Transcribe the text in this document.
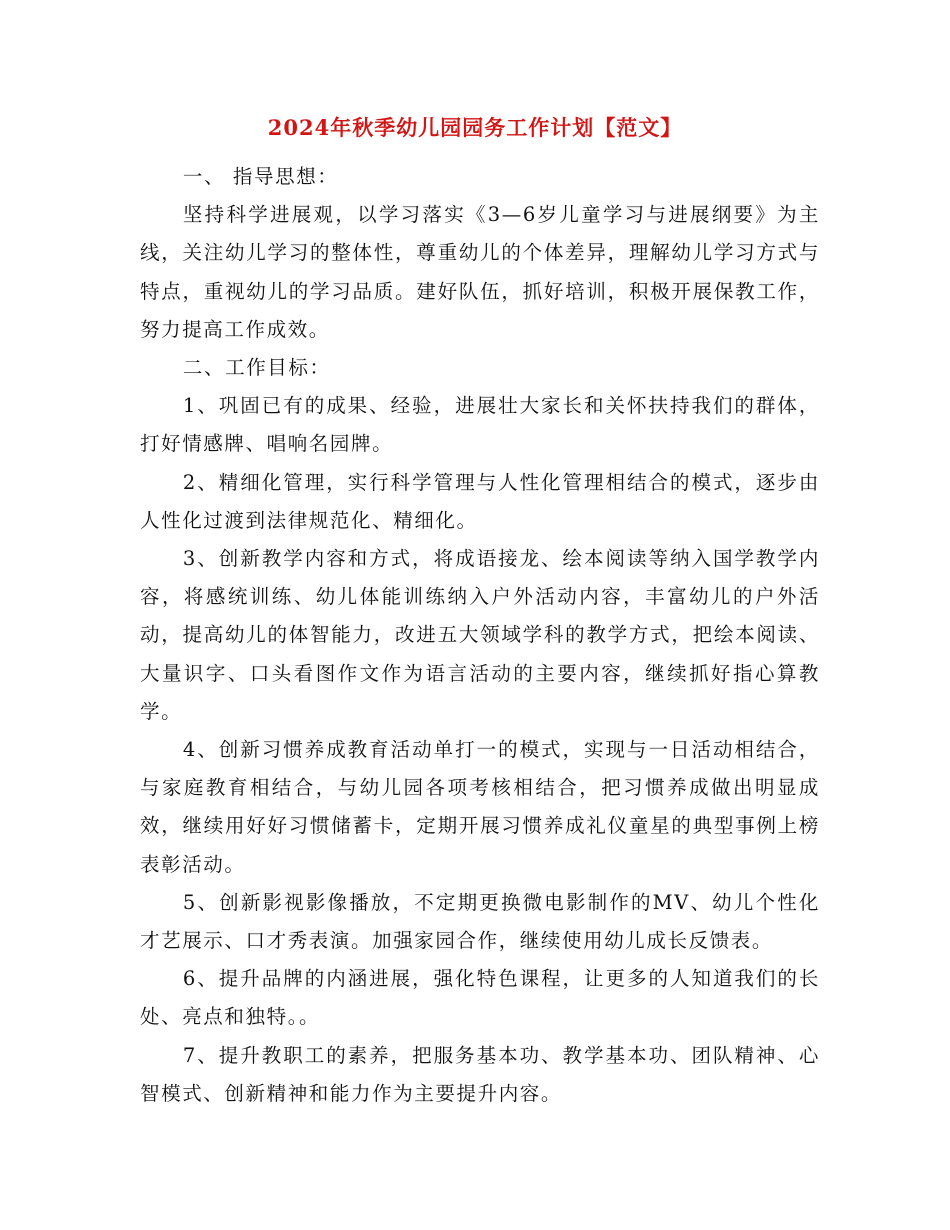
2024年秋季幼儿园园务工作计划【范文】

一、 指导思想：

坚持科学进展观，以学习落实《3—6岁儿童学习与进展纲要》为主线，关注幼儿学习的整体性，尊重幼儿的个体差异，理解幼儿学习方式与特点，重视幼儿的学习品质。建好队伍，抓好培训，积极开展保教工作，努力提高工作成效。

二、工作目标：

1、巩固已有的成果、经验，进展壮大家长和关怀扶持我们的群体，打好情感牌、唱响名园牌。

2、精细化管理，实行科学管理与人性化管理相结合的模式，逐步由人性化过渡到法律规范化、精细化。

3、创新教学内容和方式，将成语接龙、绘本阅读等纳入国学教学内容，将感统训练、幼儿体能训练纳入户外活动内容，丰富幼儿的户外活动，提高幼儿的体智能力，改进五大领域学科的教学方式，把绘本阅读、大量识字、口头看图作文作为语言活动的主要内容，继续抓好指心算教学。

4、创新习惯养成教育活动单打一的模式，实现与一日活动相结合，与家庭教育相结合，与幼儿园各项考核相结合，把习惯养成做出明显成效，继续用好好习惯储蓄卡，定期开展习惯养成礼仪童星的典型事例上榜表彰活动。

5、创新影视影像播放，不定期更换微电影制作的MV、幼儿个性化才艺展示、口才秀表演。加强家园合作，继续使用幼儿成长反馈表。

6、提升品牌的内涵进展，强化特色课程，让更多的人知道我们的长处、亮点和独特。。

7、提升教职工的素养，把服务基本功、教学基本功、团队精神、心智模式、创新精神和能力作为主要提升内容。
